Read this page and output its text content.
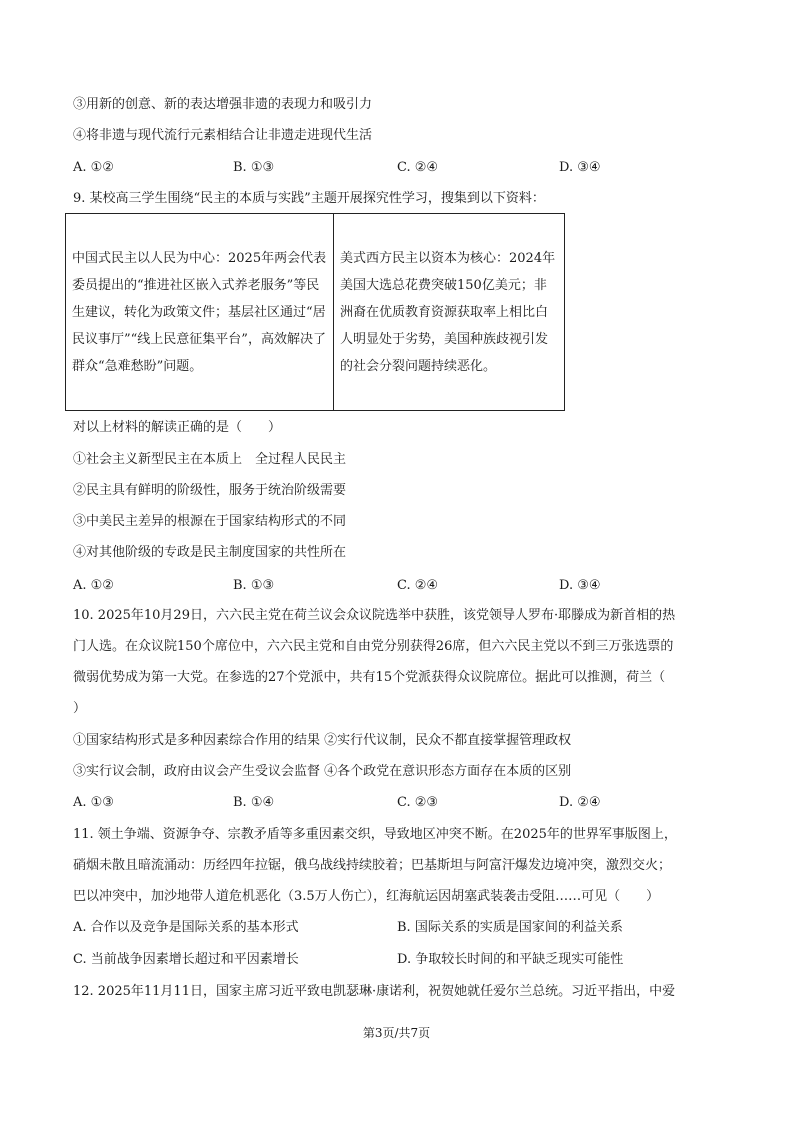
③用新的创意、新的表达增强非遗的表现力和吸引力
④将非遗与现代流行元素相结合让非遗走进现代生活
A. ①②	B. ①③	C. ②④	D. ③④
9. 某校高三学生围绕“民主的本质与实践”主题开展探究性学习，搜集到以下资料：
中国式民主以人民为中心：2025年两会代表委员提出的“推进社区嵌入式养老服务”等民生建议，转化为政策文件；基层社区通过“居民议事厅”“线上民意征集平台”，高效解决了群众“急难愁盼”问题。	美式西方民主以资本为核心：2024年美国大选总花费突破150亿美元；非洲裔在优质教育资源获取率上相比白人明显处于劣势，美国种族歧视引发的社会分裂问题持续恶化。
对以上材料的解读正确的是（　　）
①社会主义新型民主在本质上　全过程人民民主
②民主具有鲜明的阶级性，服务于统治阶级需要
③中美民主差异的根源在于国家结构形式的不同
④对其他阶级的专政是民主制度国家的共性所在
A. ①②	B. ①③	C. ②④	D. ③④
10. 2025年10月29日，六六民主党在荷兰议会众议院选举中获胜，该党领导人罗布·耶滕成为新首相的热
门人选。在众议院150个席位中，六六民主党和自由党分别获得26席，但六六民主党以不到三万张选票的
微弱优势成为第一大党。在参选的27个党派中，共有15个党派获得众议院席位。据此可以推测，荷兰（
）
①国家结构形式是多种因素综合作用的结果 ②实行代议制，民众不都直接掌握管理政权
③实行议会制，政府由议会产生受议会监督 ④各个政党在意识形态方面存在本质的区别
A. ①③	B. ①④	C. ②③	D. ②④
11. 领土争端、资源争夺、宗教矛盾等多重因素交织，导致地区冲突不断。在2025年的世界军事版图上，
硝烟未散且暗流涌动：历经四年拉锯，俄乌战线持续胶着；巴基斯坦与阿富汗爆发边境冲突，激烈交火；
巴以冲突中，加沙地带人道危机恶化（3.5万人伤亡），红海航运因胡塞武装袭击受阻……可见（　　）
A. 合作以及竞争是国际关系的基本形式	B. 国际关系的实质是国家间的利益关系
C. 当前战争因素增长超过和平因素增长	D. 争取较长时间的和平缺乏现实可能性
12. 2025年11月11日，国家主席习近平致电凯瑟琳·康诺利，祝贺她就任爱尔兰总统。习近平指出，中爱
第3页/共7页
